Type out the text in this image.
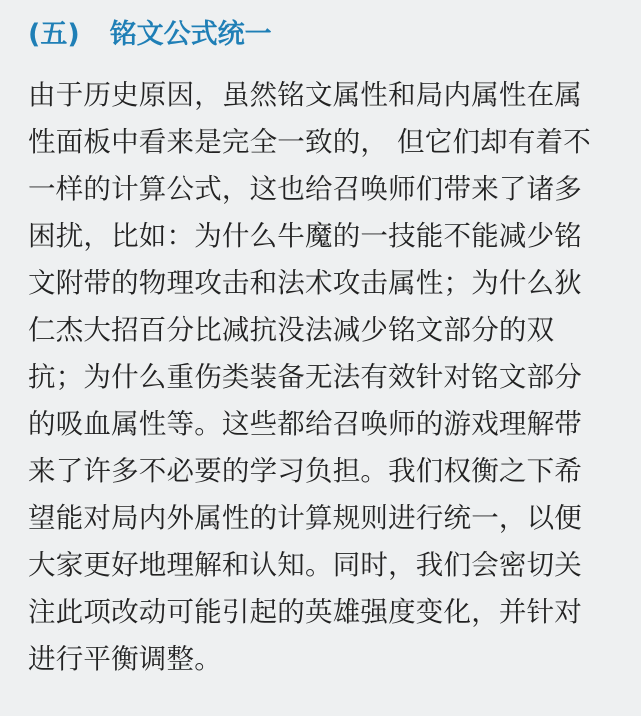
(五) 铭文公式统一
由于历史原因，虽然铭文属性和局内属性在属
性面板中看来是完全一致的， 但它们却有着不
一样的计算公式，这也给召唤师们带来了诸多
困扰，比如：为什么牛魔的一技能不能减少铭
文附带的物理攻击和法术攻击属性；为什么狄
仁杰大招百分比减抗没法减少铭文部分的双
抗；为什么重伤类装备无法有效针对铭文部分
的吸血属性等。这些都给召唤师的游戏理解带
来了许多不必要的学习负担。我们权衡之下希
望能对局内外属性的计算规则进行统一，以便
大家更好地理解和认知。同时，我们会密切关
注此项改动可能引起的英雄强度变化，并针对
进行平衡调整。
